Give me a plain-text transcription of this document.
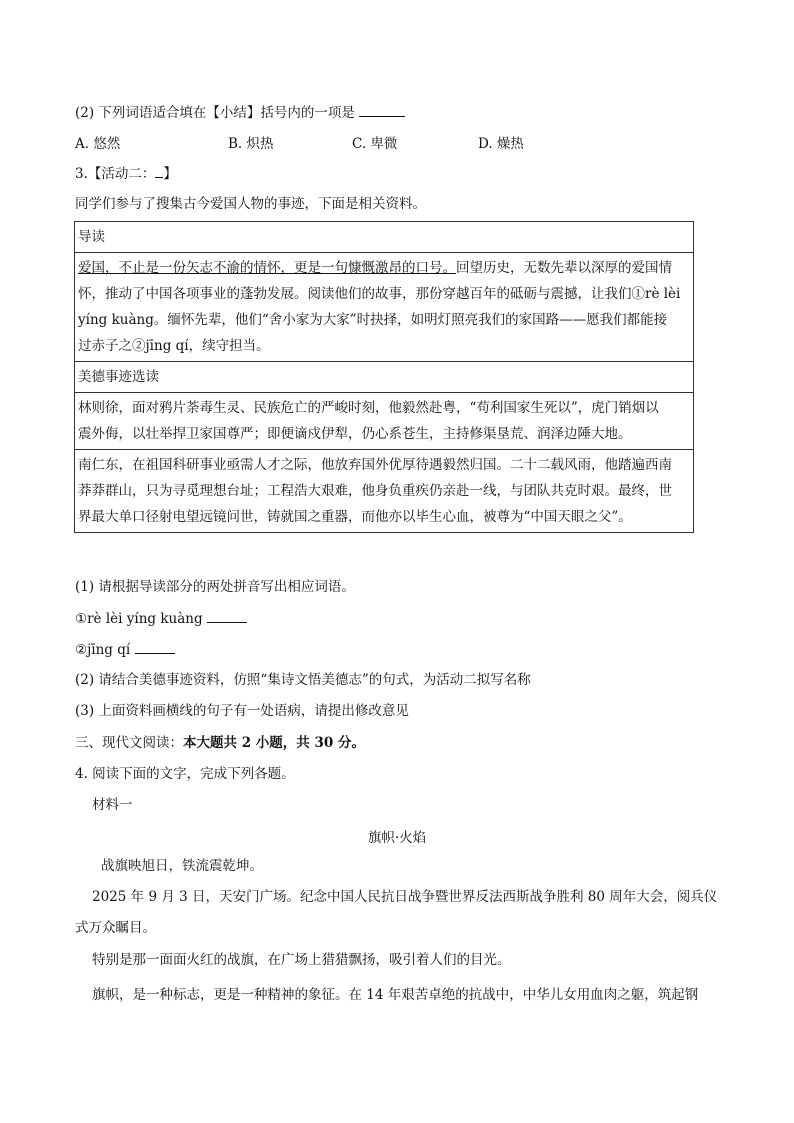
(2) 下列词语适合填在【小结】括号内的一项是
A. 悠然	B. 炽热	C. 卑微	D. 燥热
3.【活动二： 】
同学们参与了搜集古今爱国人物的事迹，下面是相关资料。
导读

爱国，不止是一份矢志不渝的情怀，更是一句慷慨激昂的口号。回望历史，无数先辈以深厚的爱国情
怀，推动了中国各项事业的蓬勃发展。阅读他们的故事，那份穿越百年的砥砺与震撼，让我们①rè lèi
yíng kuàng。缅怀先辈，他们“舍小家为大家”时抉择，如明灯照亮我们的家国路——愿我们都能接
过赤子之②jīng qí，续守担当。

美德事迹选读

林则徐，面对鸦片荼毒生灵、民族危亡的严峻时刻，他毅然赴粤，“苟利国家生死以”，虎门销烟以
震外侮，以壮举捍卫家国尊严；即便谪戍伊犁，仍心系苍生，主持修渠垦荒、润泽边陲大地。

南仁东，在祖国科研事业亟需人才之际，他放弃国外优厚待遇毅然归国。二十二载风雨，他踏遍西南
莽莽群山，只为寻觅理想台址；工程浩大艰难，他身负重疾仍亲赴一线，与团队共克时艰。最终，世
界最大单口径射电望远镜问世，铸就国之重器，而他亦以毕生心血，被尊为“中国天眼之父”。
(1) 请根据导读部分的两处拼音写出相应词语。
①rè lèi yíng kuàng
②jīng qí
(2) 请结合美德事迹资料，仿照“集诗文悟美德志”的句式，为活动二拟写名称
(3) 上面资料画横线的句子有一处语病，请提出修改意见
三、现代文阅读：本大题共 2 小题，共 30 分。
4. 阅读下面的文字，完成下列各题。
材料一
旗帜·火焰
战旗映旭日，铁流震乾坤。
2025 年 9 月 3 日，天安门广场。纪念中国人民抗日战争暨世界反法西斯战争胜利 80 周年大会，阅兵仪
式万众瞩目。
特别是那一面面火红的战旗，在广场上猎猎飘扬，吸引着人们的目光。
旗帜，是一种标志，更是一种精神的象征。在 14 年艰苦卓绝的抗战中，中华儿女用血肉之躯，筑起钢
